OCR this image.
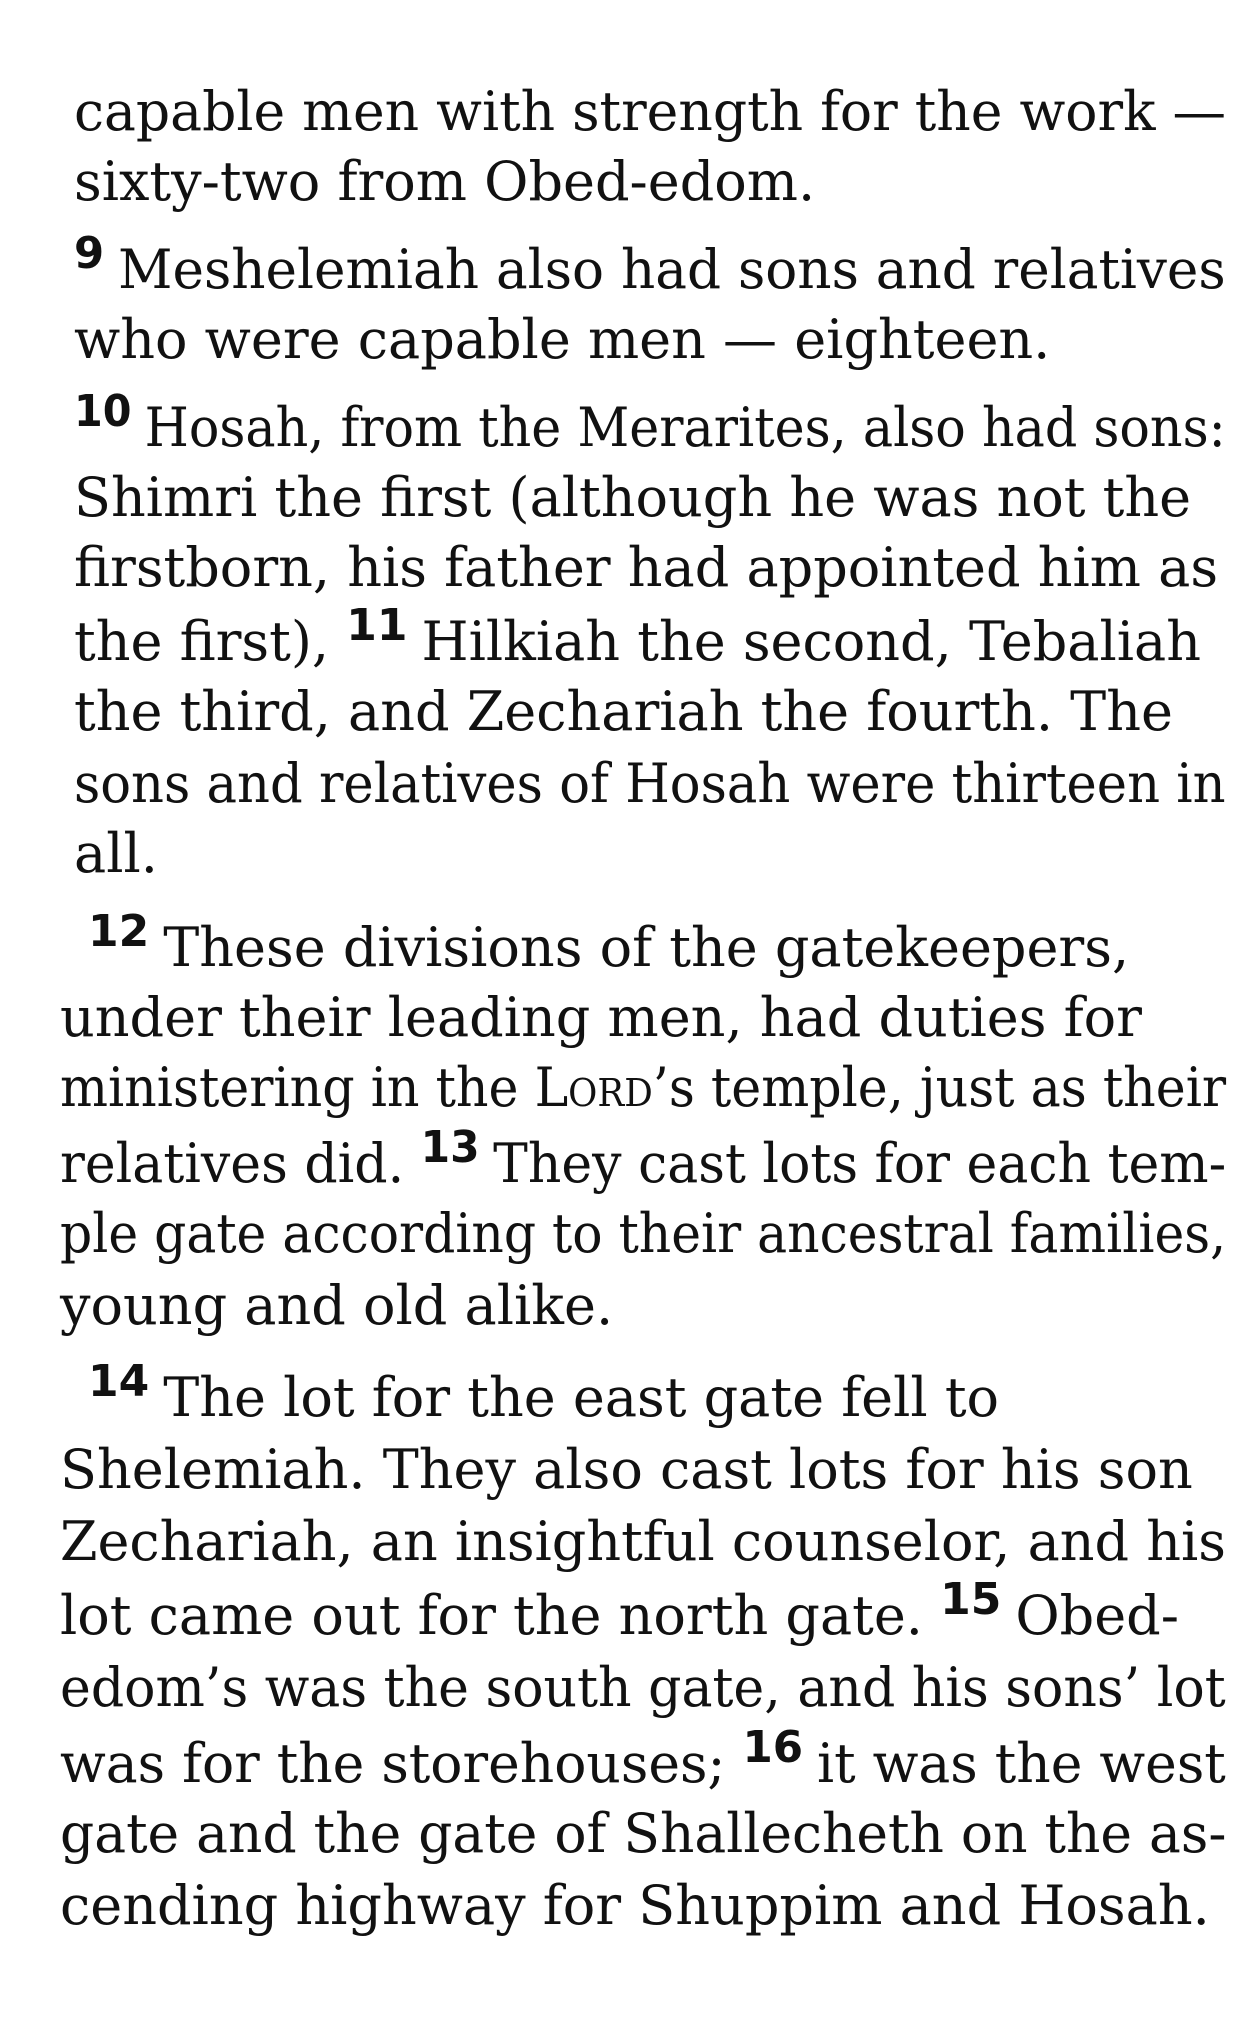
capable men with strength for the work —
sixty-two from Obed-edom.
$^9$ Meshelemiah also had sons and relatives
who were capable men — eighteen.
$^{10}$ Hosah, from the Merarites, also had sons:
Shimri the first (although he was not the
firstborn, his father had appointed him as
the first), $^{11}$ Hilkiah the second, Tebaliah
the third, and Zechariah the fourth. The
sons and relatives of Hosah were thirteen in
all.
$^{12}$ These divisions of the gatekeepers,
under their leading men, had duties for
ministering in the Lord’s temple, just as their
relatives did. $^{13}$ They cast lots for each tem-
ple gate according to their ancestral families,
young and old alike.
$^{14}$ The lot for the east gate fell to
Shelemiah. They also cast lots for his son
Zechariah, an insightful counselor, and his
lot came out for the north gate. $^{15}$ Obed-
edom’s was the south gate, and his sons’ lot
was for the storehouses; $^{16}$ it was the west
gate and the gate of Shallecheth on the as-
cending highway for Shuppim and Hosah.
